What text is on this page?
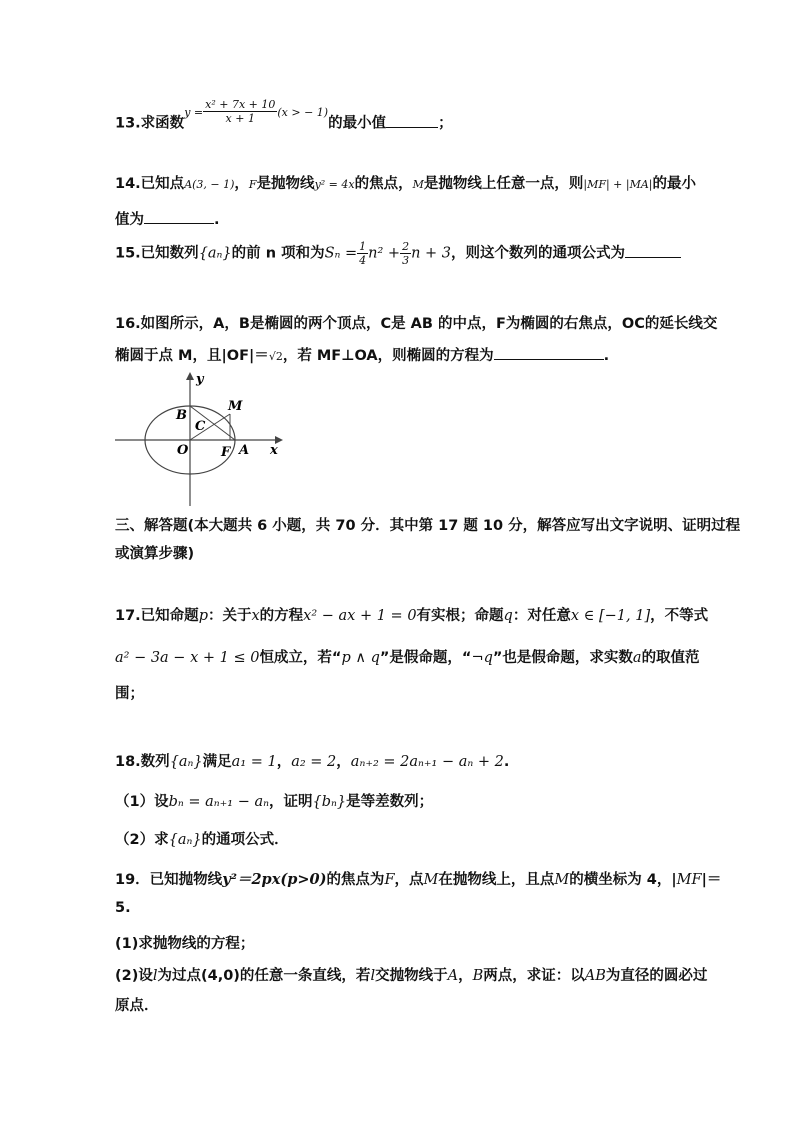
13.求函数$^{y =} \frac{\text{x² + 7x + 10}}{x + 1} ^{(x > - 1)}$的最小值	；
14.已知点A(3, − 1)，F是抛物线y² = 4x的焦点，M是抛物线上任意一点，则|MF| + |MA|的最小
值为	.
15.已知数列{aₙ}的前 n 项和为$S_n = \frac{1}{4} n^2 + \frac{2}{3}$ n + 3，则这个数列的通项公式为
16.如图所示，A，B是椭圆的两个顶点，C是 AB 的中点，F为椭圆的右焦点，OC的延长线交
椭圆于点 M，且|OF|＝√2，若 MF⊥OA，则椭圆的方程为	.
y
x
B
M
C
O	F A
三、解答题(本大题共 6 小题，共 70 分．其中第 17 题 10 分，解答应写出文字说明、证明过程
或演算步骤)
17.已知命题p：关于x的方程x² − ax + 1 = 0有实根；命题q：对任意x ∈ [−1, 1]，不等式
a² − 3a − x + 1 ≤ 0恒成立，若“p ∧ q”是假命题，“¬q”也是假命题，求实数a的取值范
围；
18.数列{aₙ}满足a₁ = 1，a₂ = 2，aₙ₊₂ = 2aₙ₊₁ − aₙ + 2.
（1）设bₙ = aₙ₊₁ − aₙ，证明{bₙ}是等差数列；
（2）求{aₙ}的通项公式．
19．已知抛物线y²＝2px(p>0)的焦点为F，点M在抛物线上，且点M的横坐标为 4，|MF|＝
5.
(1)求抛物线的方程；
(2)设l为过点(4,0)的任意一条直线，若l交抛物线于A，B两点，求证：以AB为直径的圆必过
原点．
